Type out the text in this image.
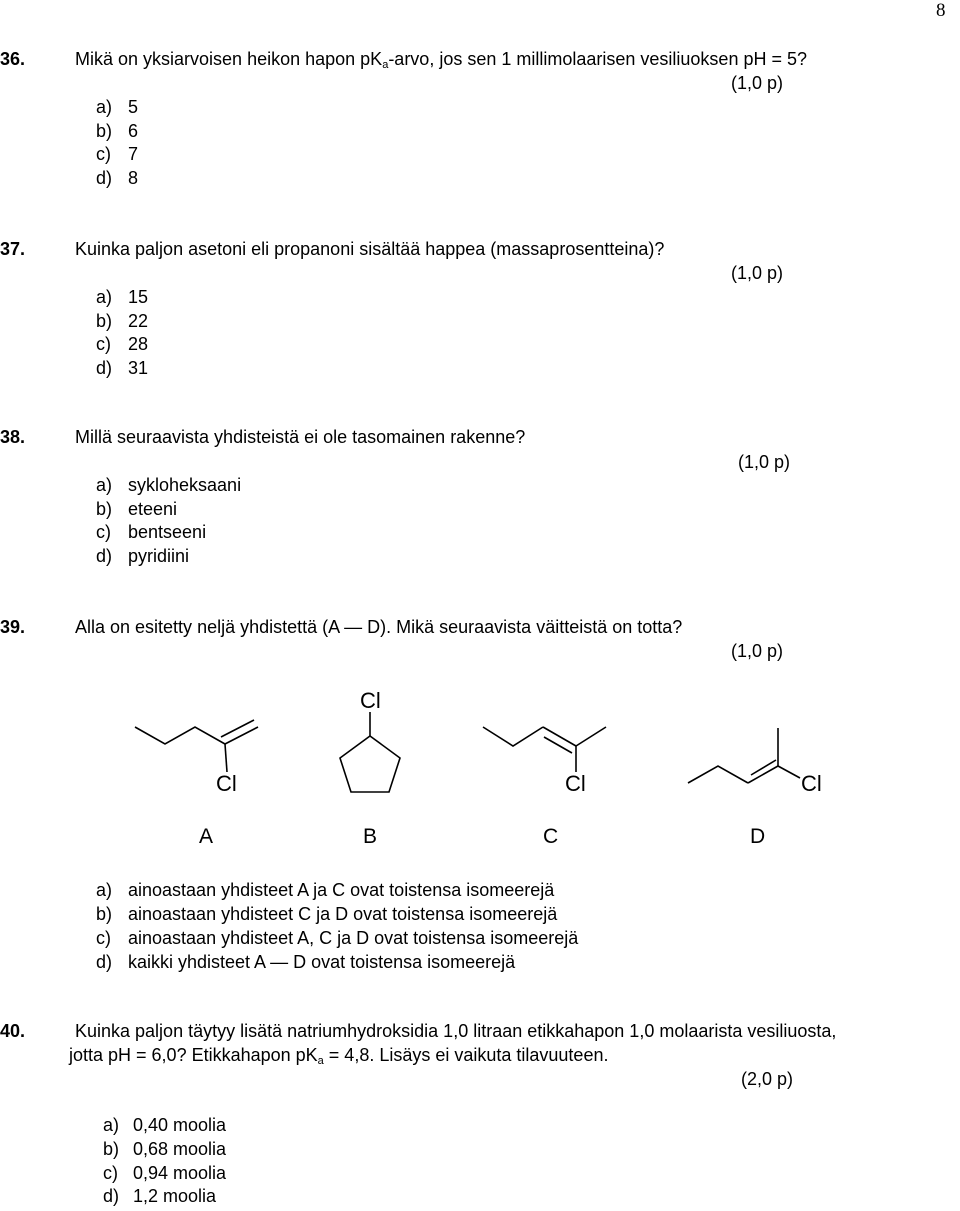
8
36.	Mikä on yksiarvoisen heikon hapon $pK_a$-arvo, jos sen 1 millimolaarisen vesiliuoksen pH = 5?
(1,0 p)
a) 5
b) 6
c) 7
d) 8
37.	Kuinka paljon asetoni eli propanoni sisältää happea (massaprosentteina)?
(1,0 p)
a) 15
b) 22
c) 28
d) 31
38.	Millä seuraavista yhdisteistä ei ole tasomainen rakenne?
(1,0 p)
a) sykloheksaani
b) eteeni
c) bentseeni
d) pyridiini
39.	Alla on esitetty neljä yhdistettä (A — D). Mikä seuraavista väitteistä on totta?
(1,0 p)
Cl
Cl
Cl	Cl
A	B	C	D
a) ainoastaan yhdisteet A ja C ovat toistensa isomeerejä
b) ainoastaan yhdisteet C ja D ovat toistensa isomeerejä
c) ainoastaan yhdisteet A, C ja D ovat toistensa isomeerejä
d) kaikki yhdisteet A — D ovat toistensa isomeerejä
40.	Kuinka paljon täytyy lisätä natriumhydroksidia 1,0 litraan etikkahapon 1,0 molaarista vesiliuosta,
jotta pH = 6,0? Etikkahapon $pK_a = 4,8$. Lisäys ei vaikuta tilavuuteen.
(2,0 p)
a) 0,40 moolia
b) 0,68 moolia
c) 0,94 moolia
d) 1,2 moolia
